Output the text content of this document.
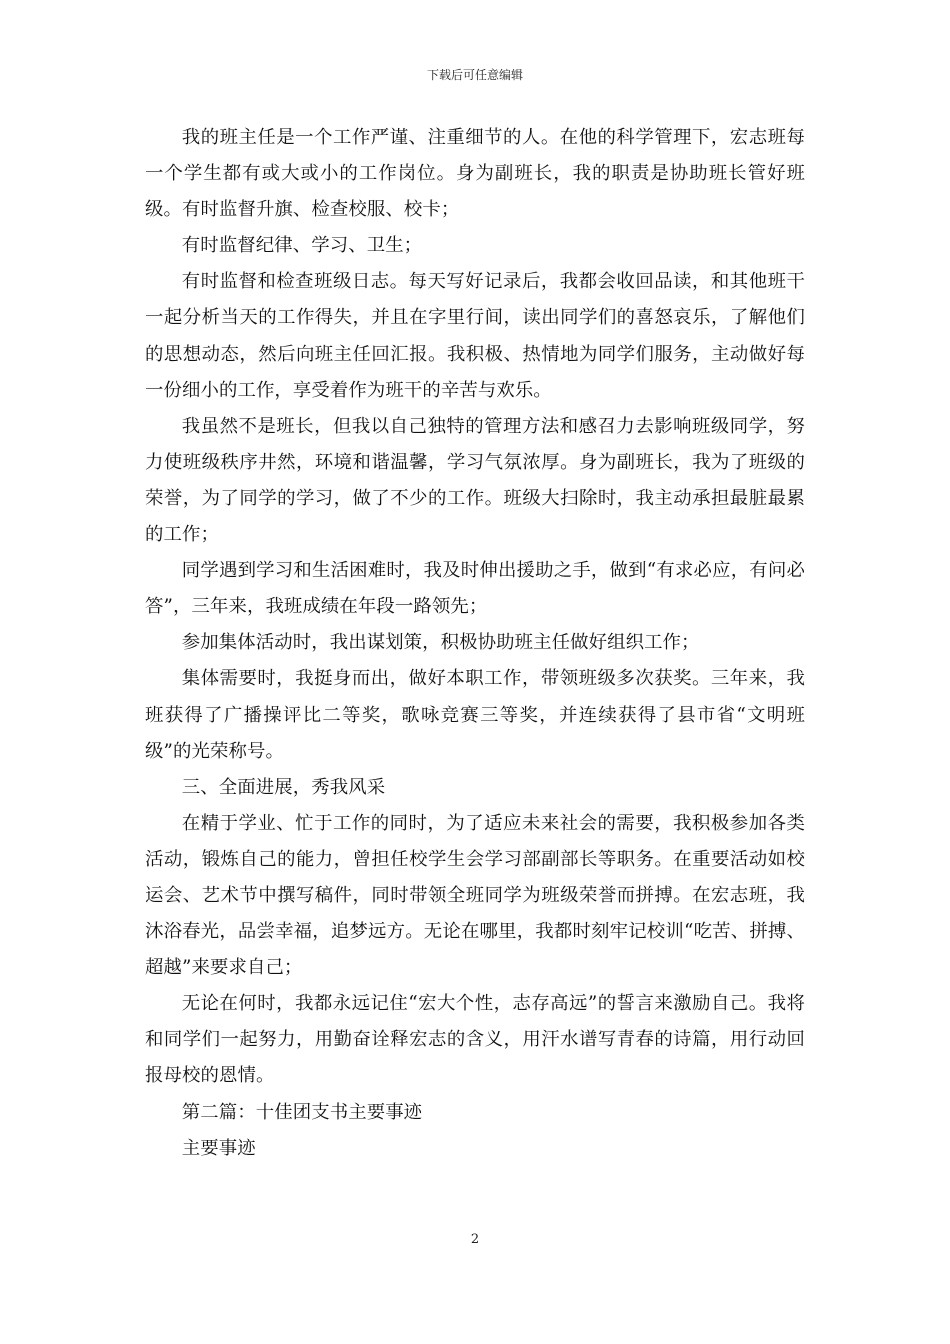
下载后可任意编辑

我的班主任是一个工作严谨、注重细节的人。在他的科学管理下，宏志班每一个学生都有或大或小的工作岗位。身为副班长，我的职责是协助班长管好班级。有时监督升旗、检查校服、校卡；

有时监督纪律、学习、卫生；

有时监督和检查班级日志。每天写好记录后，我都会收回品读，和其他班干一起分析当天的工作得失，并且在字里行间，读出同学们的喜怒哀乐，了解他们的思想动态，然后向班主任回汇报。我积极、热情地为同学们服务，主动做好每一份细小的工作，享受着作为班干的辛苦与欢乐。

我虽然不是班长，但我以自己独特的管理方法和感召力去影响班级同学，努力使班级秩序井然，环境和谐温馨，学习气氛浓厚。身为副班长，我为了班级的荣誉，为了同学的学习，做了不少的工作。班级大扫除时，我主动承担最脏最累的工作；

同学遇到学习和生活困难时，我及时伸出援助之手，做到“有求必应，有问必答”，三年来，我班成绩在年段一路领先；

参加集体活动时，我出谋划策，积极协助班主任做好组织工作；

集体需要时，我挺身而出，做好本职工作，带领班级多次获奖。三年来，我班获得了广播操评比二等奖，歌咏竞赛三等奖，并连续获得了县市省“文明班级”的光荣称号。

三、全面进展，秀我风采

在精于学业、忙于工作的同时，为了适应未来社会的需要，我积极参加各类活动，锻炼自己的能力，曾担任校学生会学习部副部长等职务。在重要活动如校运会、艺术节中撰写稿件，同时带领全班同学为班级荣誉而拼搏。在宏志班，我沐浴春光，品尝幸福，追梦远方。无论在哪里，我都时刻牢记校训“吃苦、拼搏、超越”来要求自己；

无论在何时，我都永远记住“宏大个性，志存高远”的誓言来激励自己。我将和同学们一起努力，用勤奋诠释宏志的含义，用汗水谱写青春的诗篇，用行动回报母校的恩情。

第二篇：十佳团支书主要事迹

主要事迹

2
